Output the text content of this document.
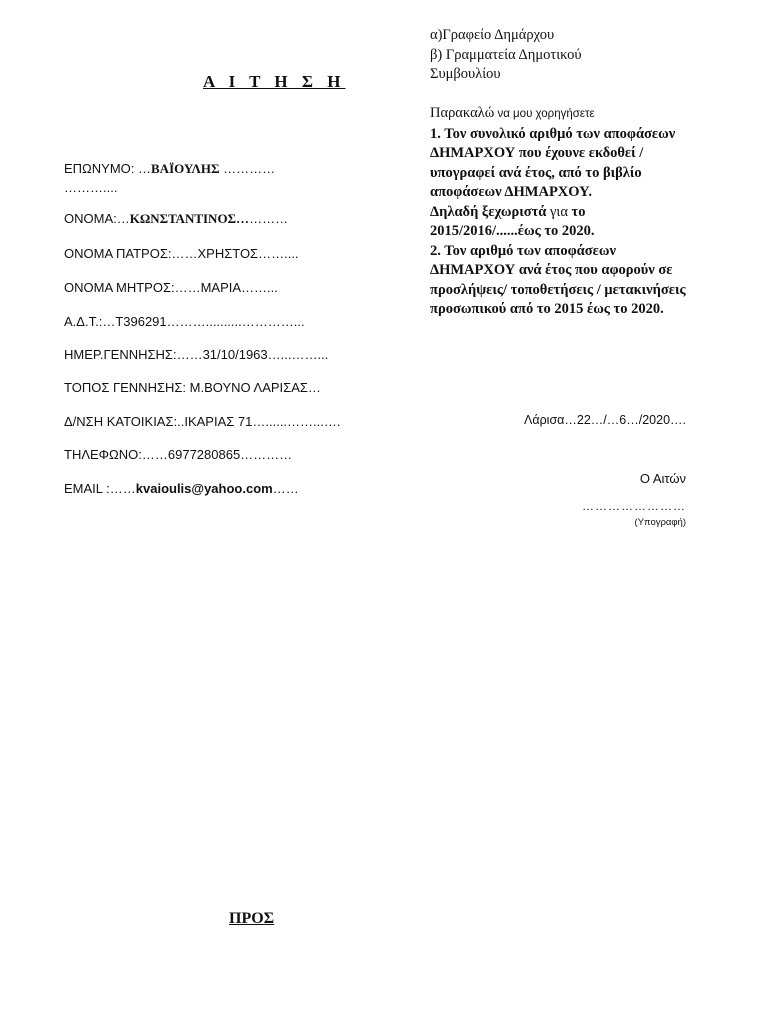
Α Ι Τ Η Σ Η
ΕΠΩΝΥΜΟ: …ΒΑΪΟΥΛΗΣ …………
………....
ΟΝΟΜΑ:…ΚΩΝΣΤΑΝΤΙΝΟΣ…………
ΟΝΟΜΑ ΠΑΤΡΟΣ:……ΧΡΗΣΤΟΣ……....
ΟΝΟΜΑ ΜΗΤΡΟΣ:……ΜΑΡΙΑ……...
Α.Δ.Τ.:…Τ396291………..........…………...
ΗΜΕΡ.ΓΕΝΝΗΣΗΣ:……31/10/1963…...……...
ΤΟΠΟΣ ΓΕΝΝΗΣΗΣ: Μ.ΒΟΥΝΟ ΛΑΡΙΣΑΣ…
Δ/ΝΣΗ ΚΑΤΟΙΚΙΑΣ:..ΙΚΑΡΙΑΣ 71…......……...….
ΤΗΛΕΦΩΝΟ:……6977280865…………
EMAIL :……kvaioulis@yahoo.com……
ΠΡΟΣ
α)Γραφείο Δημάρχου
β) Γραμματεία Δημοτικού
Συμβουλίου
Παρακαλώ να μου χορηγήσετε
1. Τον συνολικό αριθμό των αποφάσεων ΔΗΜΑΡΧΟΥ που έχουνε εκδοθεί / υπογραφεί ανά έτος, από το βιβλίο αποφάσεων ΔΗΜΑΡΧΟΥ.
Δηλαδή ξεχωριστά για το 2015/2016/......έως το 2020.
2. Τον αριθμό των αποφάσεων ΔΗΜΑΡΧΟΥ ανά έτος που αφορούν σε προσλήψεις/ τοποθετήσεις / μετακινήσεις προσωπικού από το 2015 έως το 2020.
Λάρισα…22…/…6…/2020….
Ο Αιτών
……………………
(Υπογραφή)
